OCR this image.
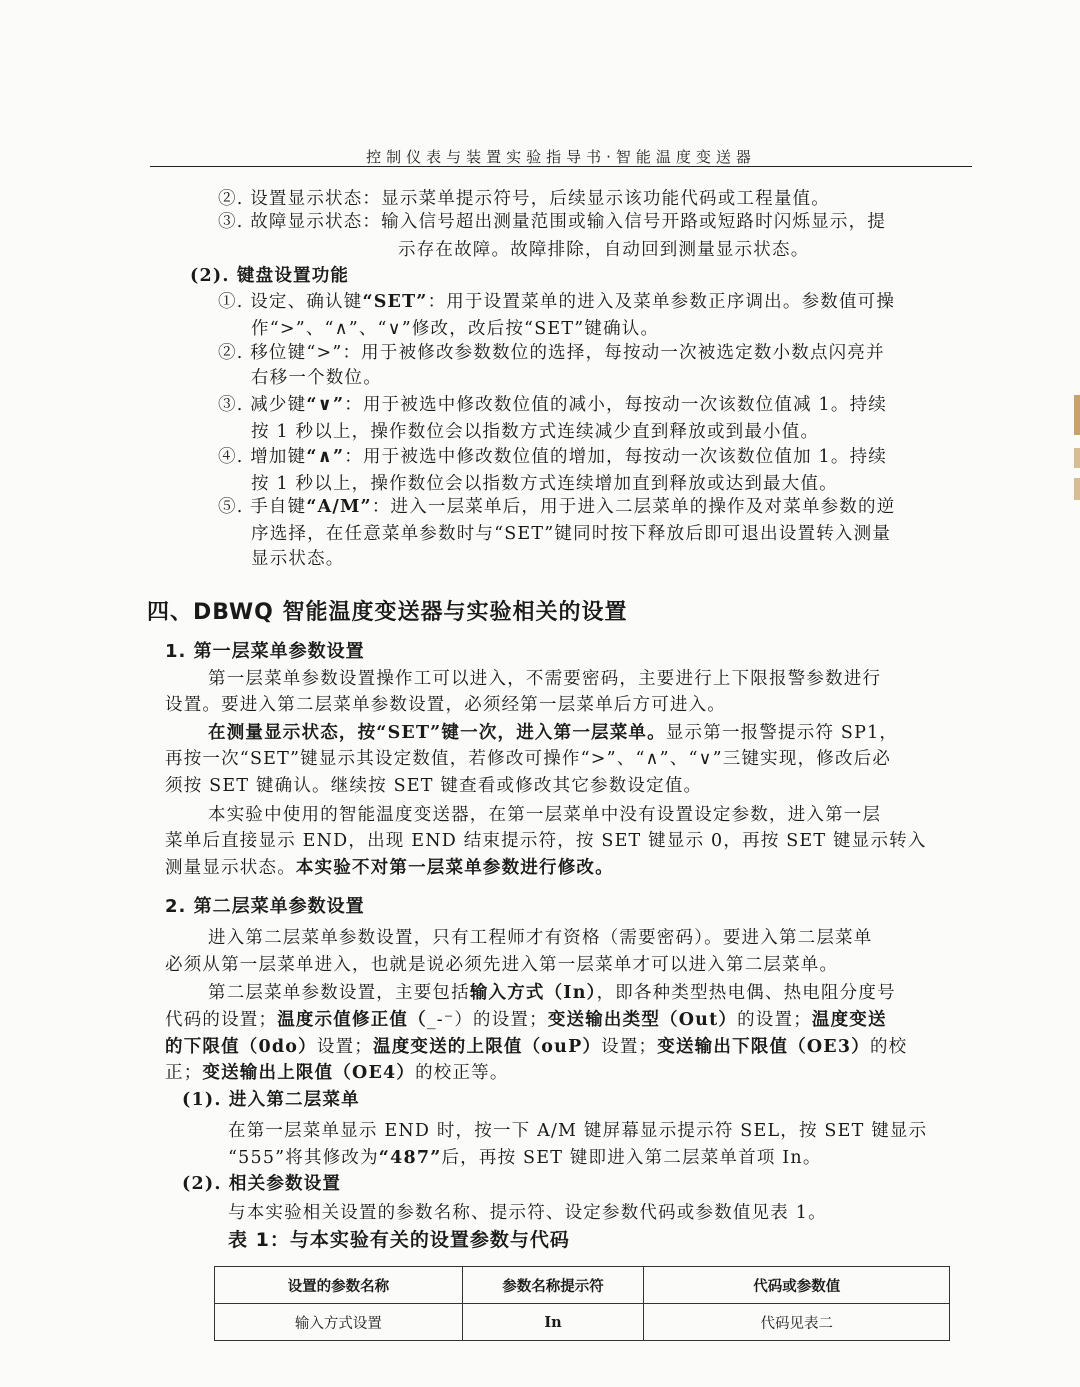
控制仪表与装置实验指导书·智能温度变送器
②. 设置显示状态：显示菜单提示符号，后续显示该功能代码或工程量值。
③. 故障显示状态：输入信号超出测量范围或输入信号开路或短路时闪烁显示，提
示存在故障。故障排除，自动回到测量显示状态。
(2). 键盘设置功能
①. 设定、确认键“SET”：用于设置菜单的进入及菜单参数正序调出。参数值可操
作“>”、“∧”、“∨”修改，改后按“SET”键确认。
②. 移位键“>”：用于被修改参数数位的选择，每按动一次被选定数小数点闪亮并
右移一个数位。
③. 减少键“∨”：用于被选中修改数位值的减小，每按动一次该数位值减 1。持续
按 1 秒以上，操作数位会以指数方式连续减少直到释放或到最小值。
④. 增加键“∧”：用于被选中修改数位值的增加，每按动一次该数位值加 1。持续
按 1 秒以上，操作数位会以指数方式连续增加直到释放或达到最大值。
⑤. 手自键“A/M”：进入一层菜单后，用于进入二层菜单的操作及对菜单参数的逆
序选择，在任意菜单参数时与“SET”键同时按下释放后即可退出设置转入测量
显示状态。
四、DBWQ 智能温度变送器与实验相关的设置
1. 第一层菜单参数设置
第一层菜单参数设置操作工可以进入，不需要密码，主要进行上下限报警参数进行
设置。要进入第二层菜单参数设置，必须经第一层菜单后方可进入。
在测量显示状态，按“SET”键一次，进入第一层菜单。显示第一报警提示符 SP1，
再按一次“SET”键显示其设定数值，若修改可操作“>”、“∧”、“∨”三键实现，修改后必
须按 SET 键确认。继续按 SET 键查看或修改其它参数设定值。
本实验中使用的智能温度变送器，在第一层菜单中没有设置设定参数，进入第一层
菜单后直接显示 END，出现 END 结束提示符，按 SET 键显示 0，再按 SET 键显示转入
测量显示状态。本实验不对第一层菜单参数进行修改。
2. 第二层菜单参数设置
进入第二层菜单参数设置，只有工程师才有资格（需要密码）。要进入第二层菜单
必须从第一层菜单进入，也就是说必须先进入第一层菜单才可以进入第二层菜单。
第二层菜单参数设置，主要包括输入方式（In），即各种类型热电偶、热电阻分度号
代码的设置；温度示值修正值（_-⁻）的设置；变送输出类型（Out）的设置；温度变送
的下限值（0do）设置；温度变送的上限值（ouP）设置；变送输出下限值（OE3）的校
正；变送输出上限值（OE4）的校正等。
(1). 进入第二层菜单
在第一层菜单显示 END 时，按一下 A/M 键屏幕显示提示符 SEL，按 SET 键显示
“555”将其修改为“487”后，再按 SET 键即进入第二层菜单首项 In。
(2). 相关参数设置
与本实验相关设置的参数名称、提示符、设定参数代码或参数值见表 1。
表 1：与本实验有关的设置参数与代码
设置的参数名称	参数名称提示符	代码或参数值
输入方式设置	In	代码见表二
